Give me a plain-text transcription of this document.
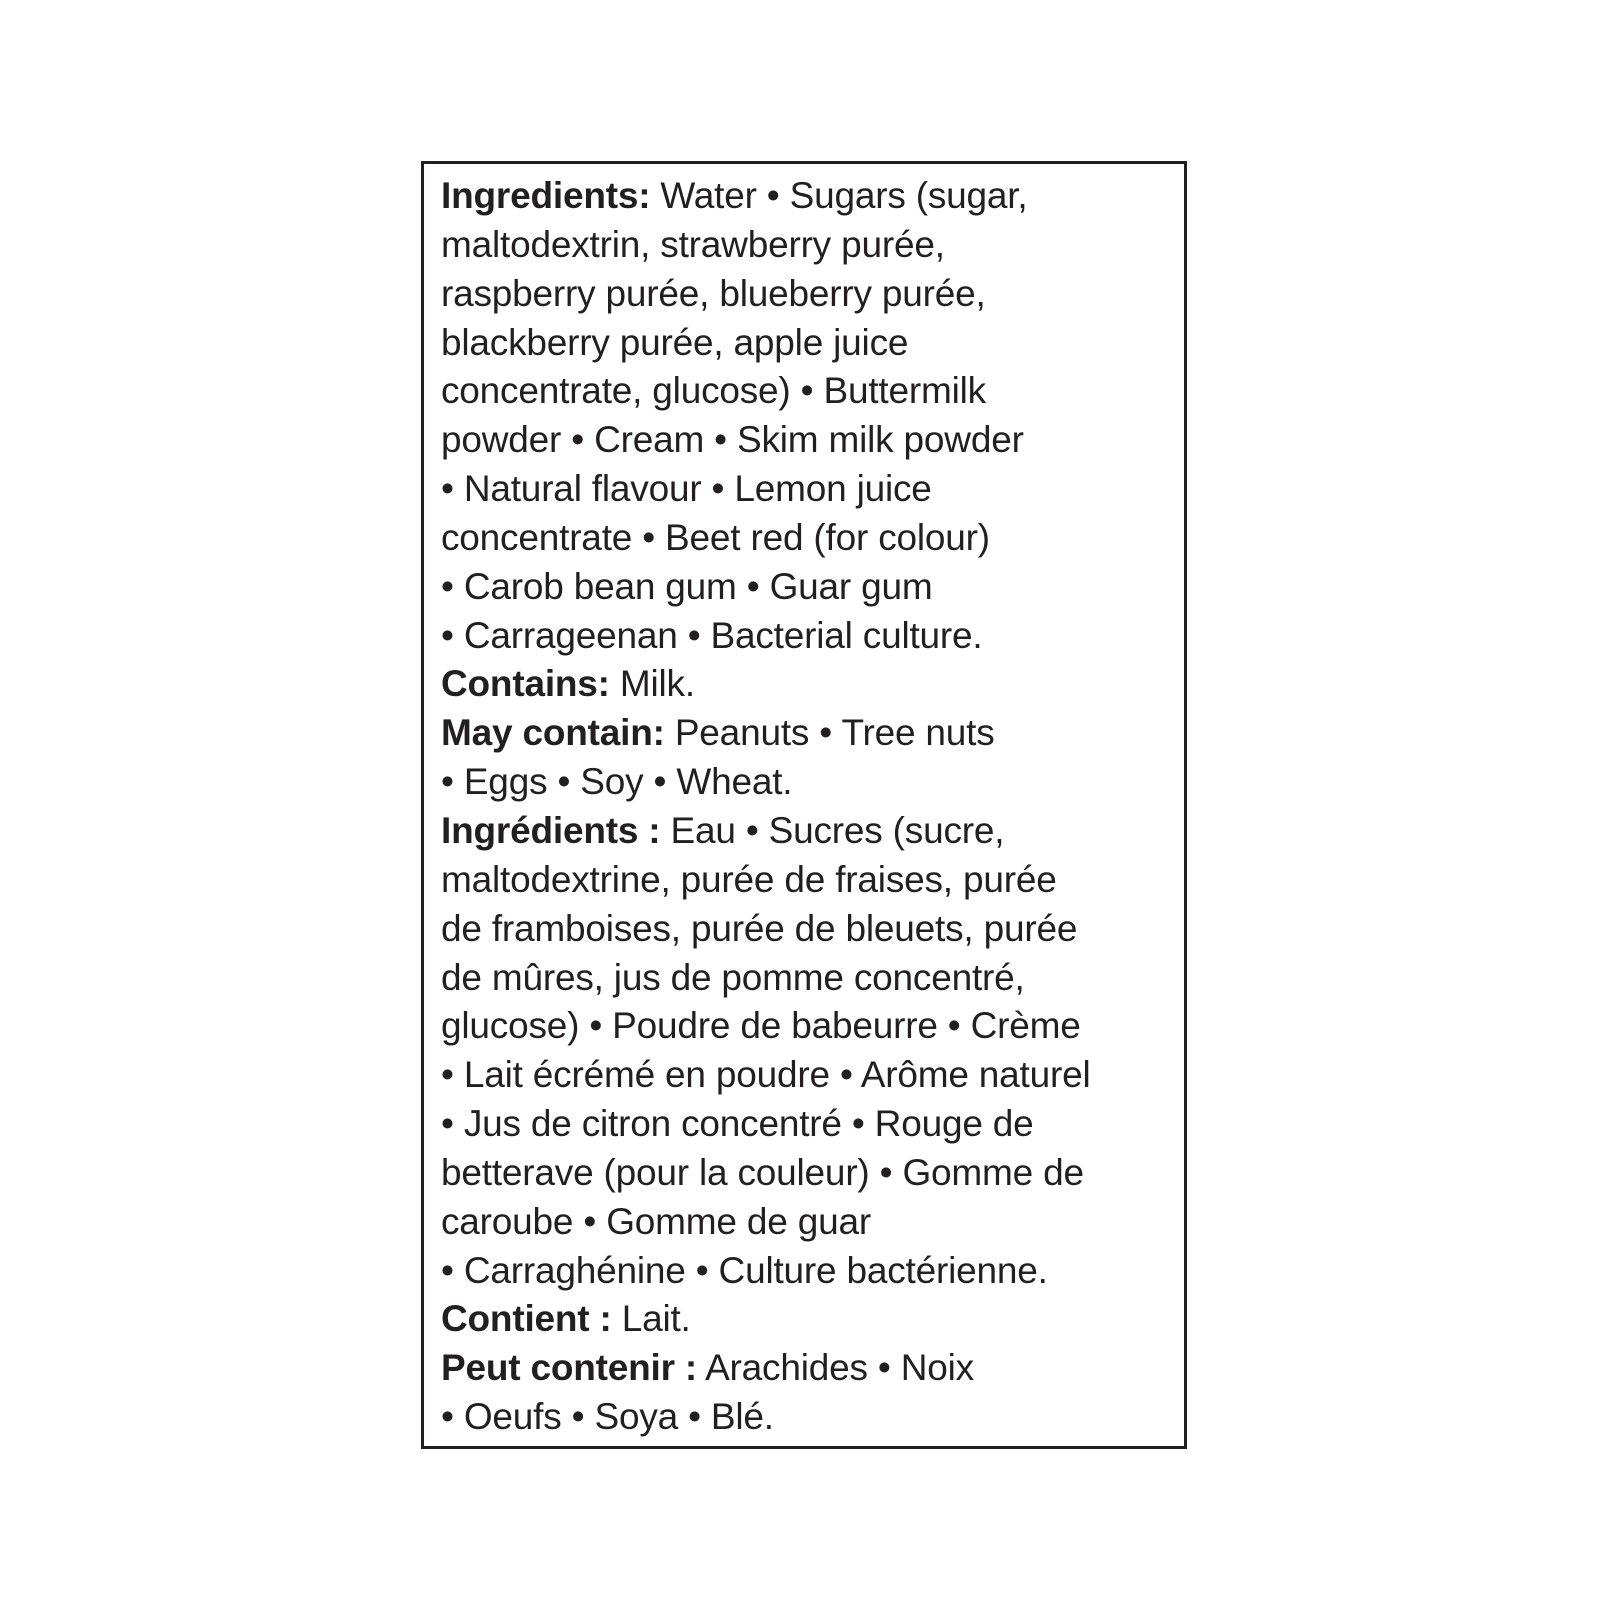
Ingredients: Water • Sugars (sugar,
maltodextrin, strawberry purée,
raspberry purée, blueberry purée,
blackberry purée, apple juice
concentrate, glucose) • Buttermilk
powder • Cream • Skim milk powder
• Natural flavour • Lemon juice
concentrate • Beet red (for colour)
• Carob bean gum • Guar gum
• Carrageenan • Bacterial culture.
Contains: Milk.
May contain: Peanuts • Tree nuts
• Eggs • Soy • Wheat.
Ingrédients : Eau • Sucres (sucre,
maltodextrine, purée de fraises, purée
de framboises, purée de bleuets, purée
de mûres, jus de pomme concentré,
glucose) • Poudre de babeurre • Crème
• Lait écrémé en poudre • Arôme naturel
• Jus de citron concentré • Rouge de
betterave (pour la couleur) • Gomme de
caroube • Gomme de guar
• Carraghénine • Culture bactérienne.
Contient : Lait.
Peut contenir : Arachides • Noix
• Oeufs • Soya • Blé.
